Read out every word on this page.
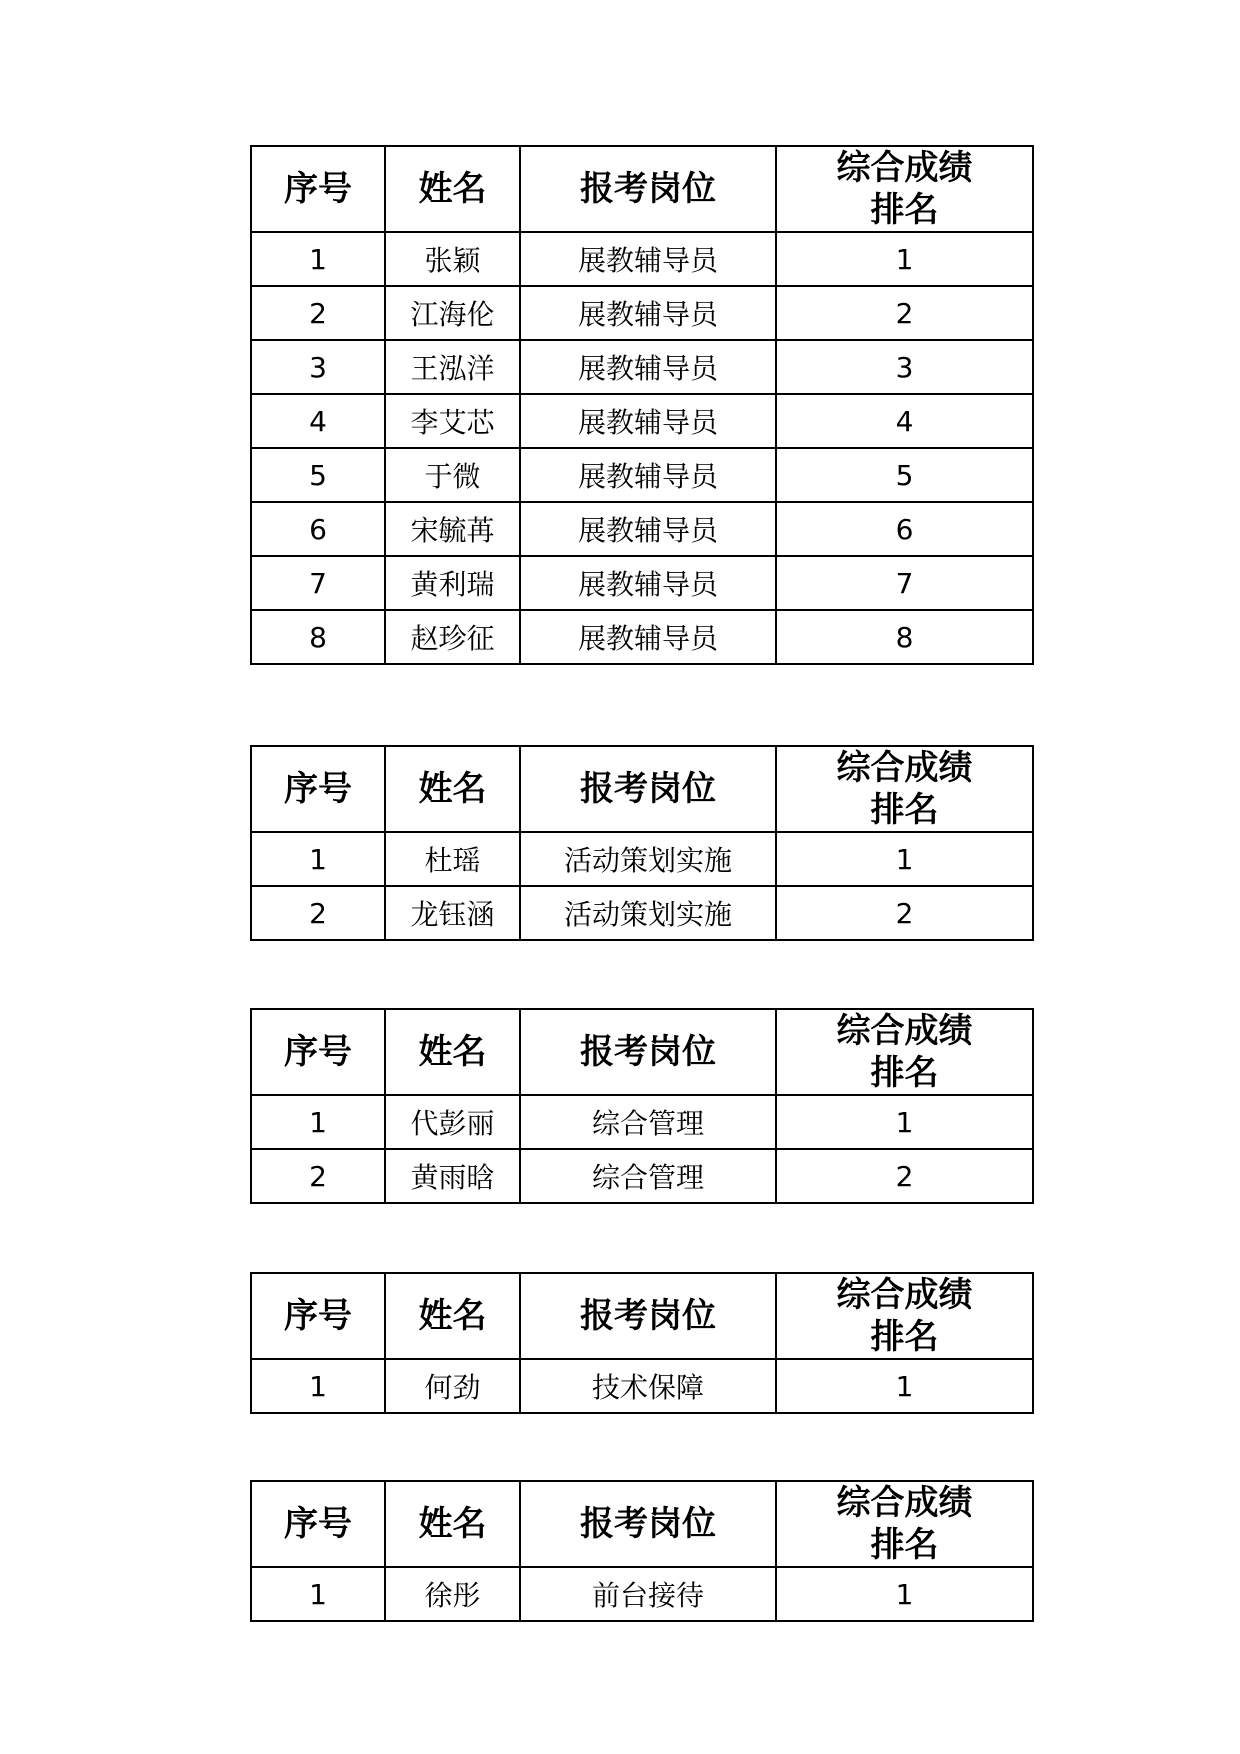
序号	姓名	报考岗位	综合成绩
排名

1	张颖	展教辅导员	1
2	江海伦	展教辅导员	2
3	王泓洋	展教辅导员	3
4	李艾芯	展教辅导员	4
5	于微	展教辅导员	5
6	宋毓苒	展教辅导员	6
7	黄利瑞	展教辅导员	7
8	赵珍征	展教辅导员	8
序号	姓名	报考岗位	综合成绩
排名

1	杜瑶	活动策划实施	1
2	龙钰涵	活动策划实施	2
序号	姓名	报考岗位	综合成绩
排名

1	代彭丽	综合管理	1
2	黄雨晗	综合管理	2
序号	姓名	报考岗位	综合成绩
排名

1	何劲	技术保障	1
序号	姓名	报考岗位	综合成绩
排名

1	徐彤	前台接待	1
